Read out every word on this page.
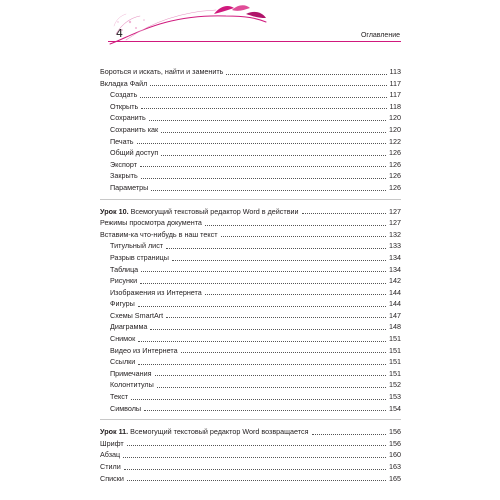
4	Оглавление
Бороться и искать, найти и заменить	113
Вкладка Файл	117
Создать	117
Открыть	118
Сохранить	120
Сохранить как	120
Печать	122
Общий доступ	126
Экспорт	126
Закрыть	126
Параметры	126
Урок 10. Всемогущий текстовый редактор Word в действии	127
Режимы просмотра документа	127
Вставим-ка что-нибудь в наш текст	132
Титульный лист	133
Разрыв страницы	134
Таблица	134
Рисунки	142
Изображения из Интернета	144
Фигуры	144
Схемы SmartArt	147
Диаграмма	148
Снимок	151
Видео из Интернета	151
Ссылки	151
Примечания	151
Колонтитулы	152
Текст	153
Символы	154
Урок 11. Всемогущий текстовый редактор Word возвращается	156
Шрифт	156
Абзац	160
Стили	163
Списки	165
